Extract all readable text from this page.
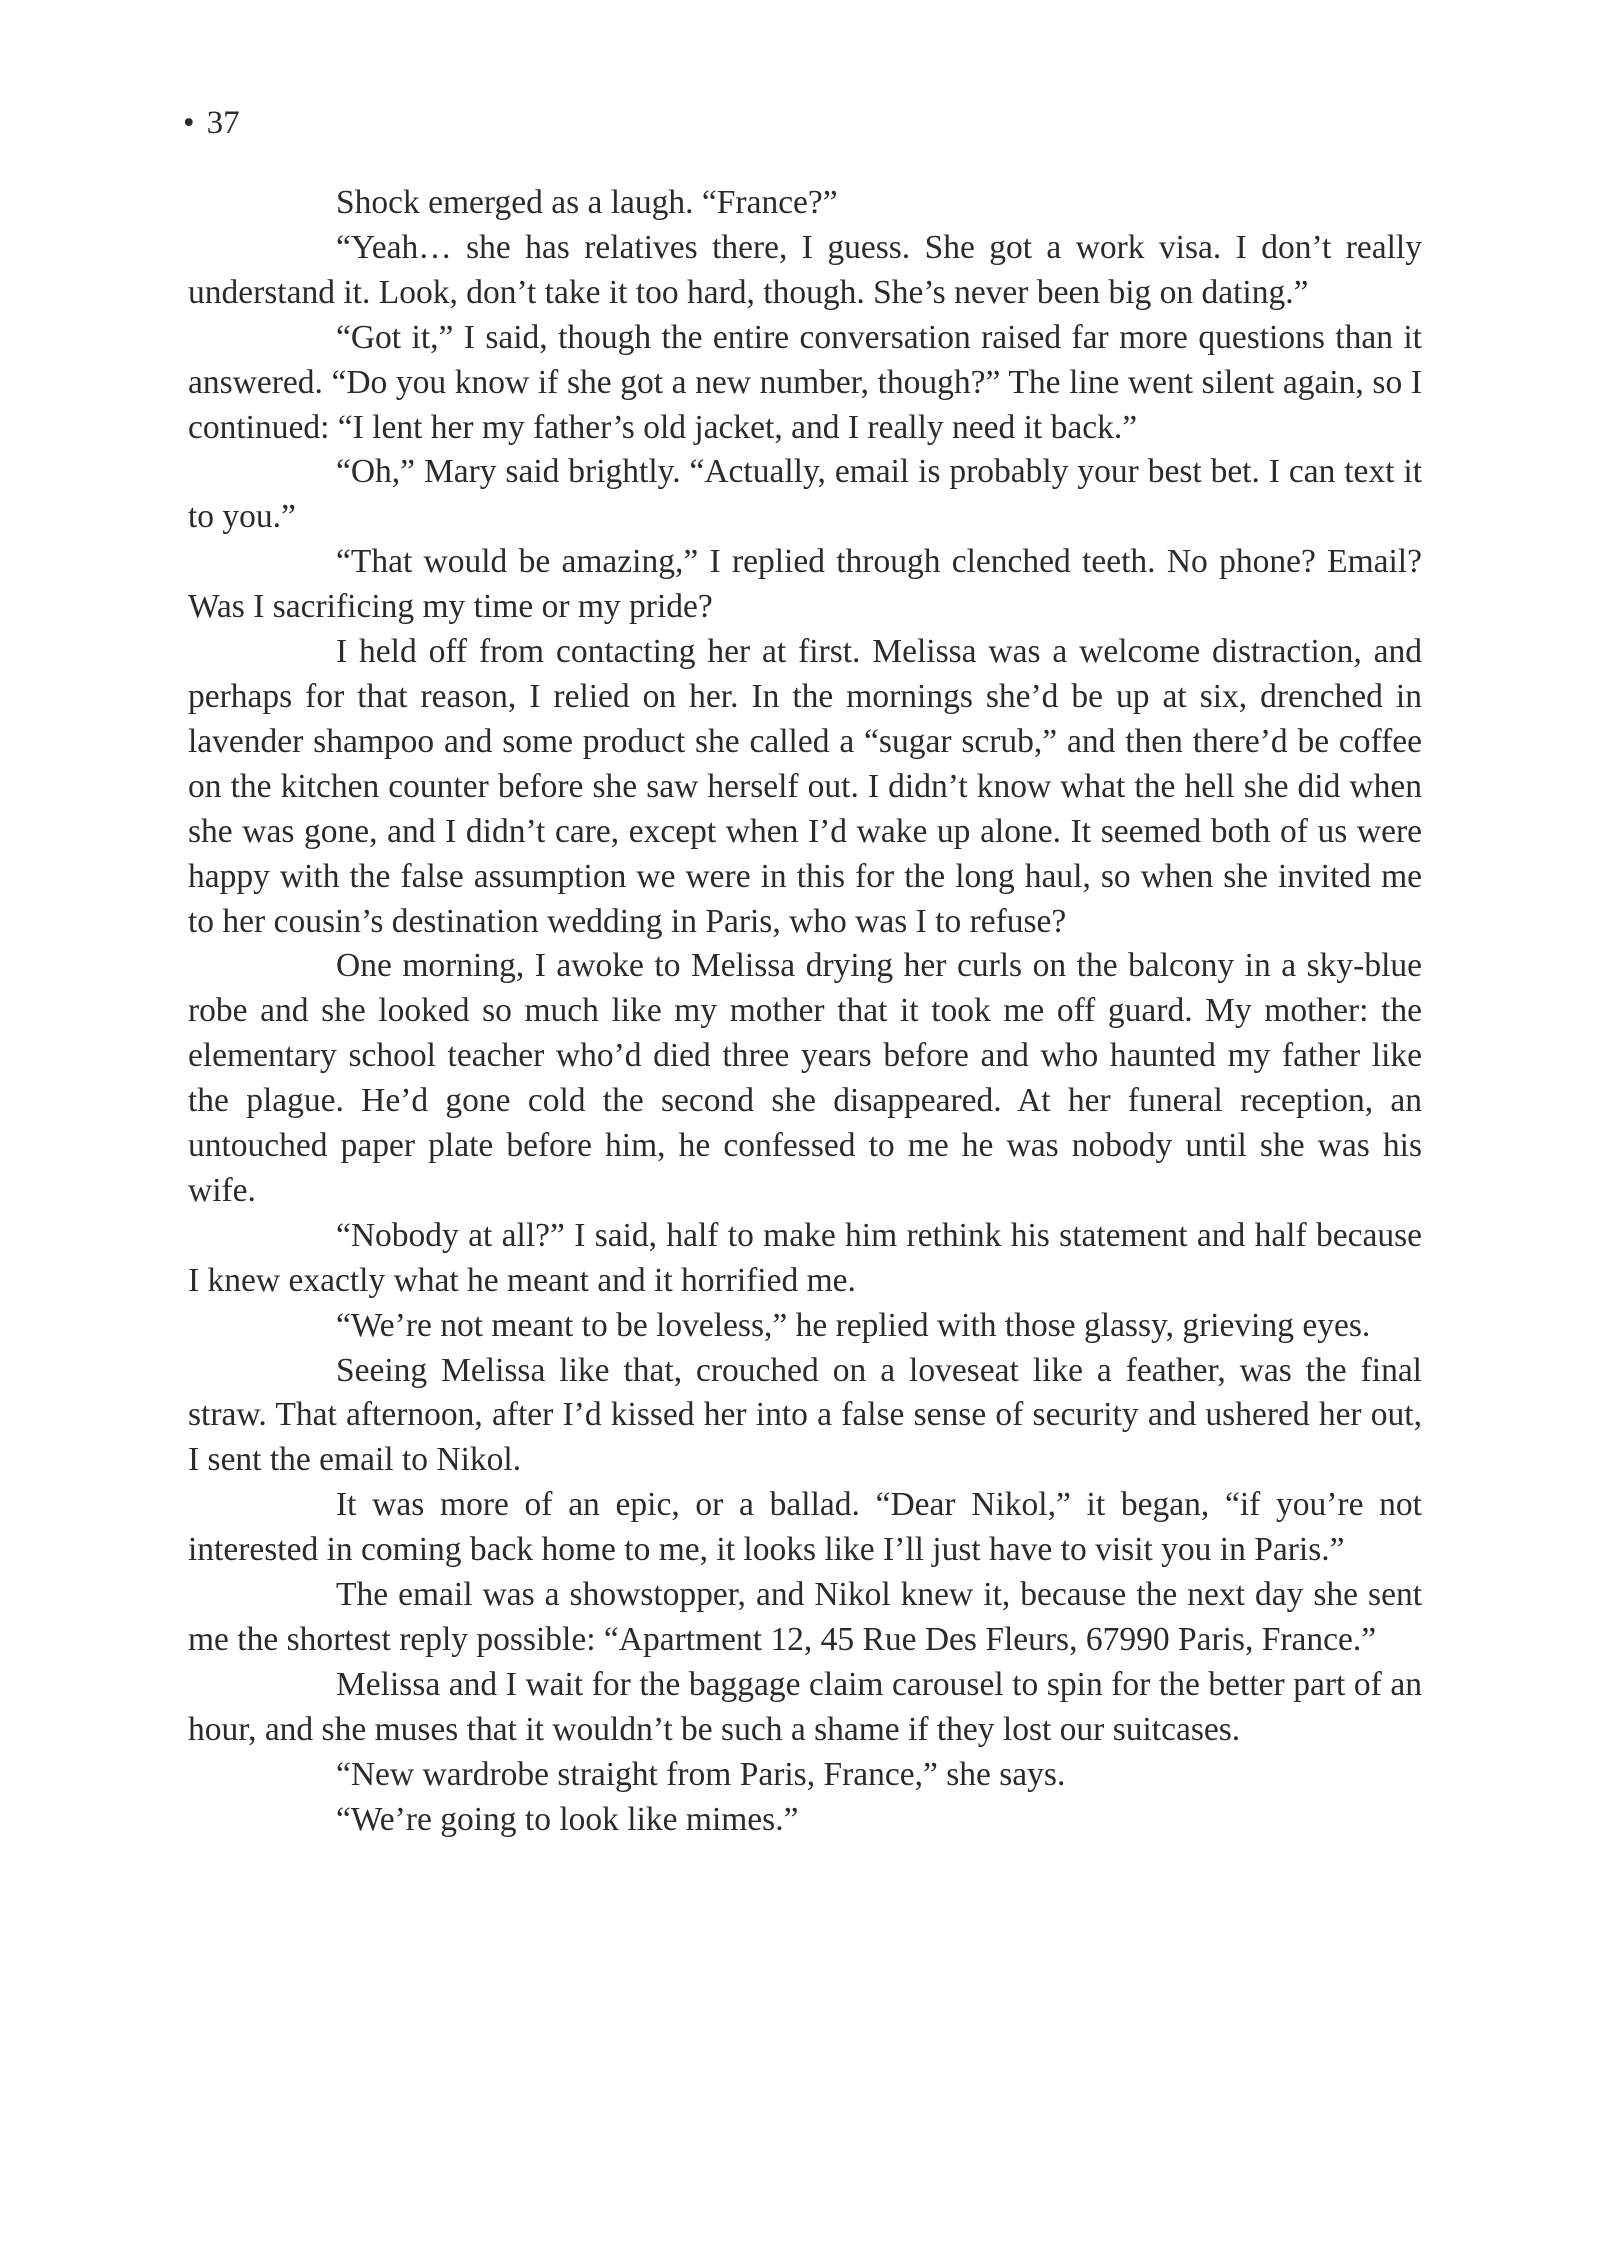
• 37

Shock emerged as a laugh. “France?”

“Yeah… she has relatives there, I guess. She got a work visa. I don’t really understand it. Look, don’t take it too hard, though. She’s never been big on dating.”

“Got it,” I said, though the entire conversation raised far more questions than it answered. “Do you know if she got a new number, though?” The line went silent again, so I continued: “I lent her my father’s old jacket, and I really need it back.”

“Oh,” Mary said brightly. “Actually, email is probably your best bet. I can text it to you.”

“That would be amazing,” I replied through clenched teeth. No phone? Email? Was I sacrificing my time or my pride?

I held off from contacting her at first. Melissa was a welcome distraction, and perhaps for that reason, I relied on her. In the mornings she’d be up at six, drenched in lavender shampoo and some product she called a “sugar scrub,” and then there’d be coffee on the kitchen counter before she saw herself out. I didn’t know what the hell she did when she was gone, and I didn’t care, except when I’d wake up alone. It seemed both of us were happy with the false assumption we were in this for the long haul, so when she invited me to her cousin’s destination wedding in Paris, who was I to refuse?

One morning, I awoke to Melissa drying her curls on the balcony in a sky-blue robe and she looked so much like my mother that it took me off guard. My mother: the elementary school teacher who’d died three years before and who haunted my father like the plague. He’d gone cold the second she disappeared. At her funeral reception, an untouched paper plate before him, he confessed to me he was nobody until she was his wife.

“Nobody at all?” I said, half to make him rethink his statement and half because I knew exactly what he meant and it horrified me.

“We’re not meant to be loveless,” he replied with those glassy, grieving eyes.

Seeing Melissa like that, crouched on a loveseat like a feather, was the final straw. That afternoon, after I’d kissed her into a false sense of security and ushered her out, I sent the email to Nikol.

It was more of an epic, or a ballad. “Dear Nikol,” it began, “if you’re not interested in coming back home to me, it looks like I’ll just have to visit you in Paris.”

The email was a showstopper, and Nikol knew it, because the next day she sent me the shortest reply possible: “Apartment 12, 45 Rue Des Fleurs, 67990 Paris, France.”

Melissa and I wait for the baggage claim carousel to spin for the better part of an hour, and she muses that it wouldn’t be such a shame if they lost our suitcases.

“New wardrobe straight from Paris, France,” she says.

“We’re going to look like mimes.”
